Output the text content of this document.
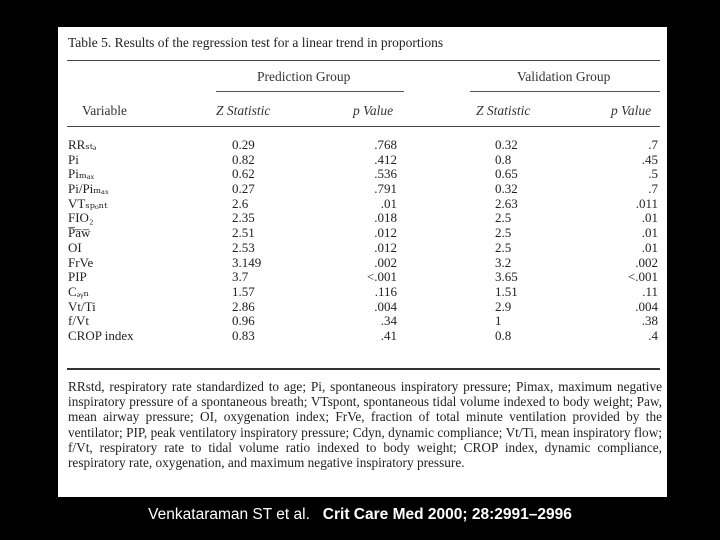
Table 5. Results of the regression test for a linear trend in proportions
Prediction Group	Validation Group
Variable	Z Statistic	p Value	Z Statistic	p Value
RRₛₜₔ	0.29	.768	0.32	.7
Pi	0.82	.412	0.8	.45
Piₘₐₓ	0.62	.536	0.65	.5
Pi/Piₘₐₓ	0.27	.791	0.32	.7
VTₛₚₒₙₜ	2.6	.01	2.63	.011
FIO₂	2.35	.018	2.5	.01
P̅a̅w̅	2.51	.012	2.5	.01
OI	2.53	.012	2.5	.01
FrVe	3.149	.002	3.2	.002
PIP	3.7	<.001	3.65	<.001
Cₔᵧₙ	1.57	.116	1.51	.11
Vt/Ti	2.86	.004	2.9	.004
f/Vt	0.96	.34	1	.38
CROP index	0.83	.41	0.8	.4
RRstd, respiratory rate standardized to age; Pi, spontaneous inspiratory pressure; Pimax, maximum negative inspiratory pressure of a spontaneous breath; VTspont, spontaneous tidal volume indexed to body weight; Paw, mean airway pressure; OI, oxygenation index; FrVe, fraction of total minute ventilation provided by the ventilator; PIP, peak ventilatory inspiratory pressure; Cdyn, dynamic compliance; Vt/Ti, mean inspiratory flow; f/Vt, respiratory rate to tidal volume ratio indexed to body weight; CROP index, dynamic compliance, respiratory rate, oxygenation, and maximum negative inspiratory pressure.
Venkataraman ST et al. Crit Care Med 2000; 28:2991–2996
